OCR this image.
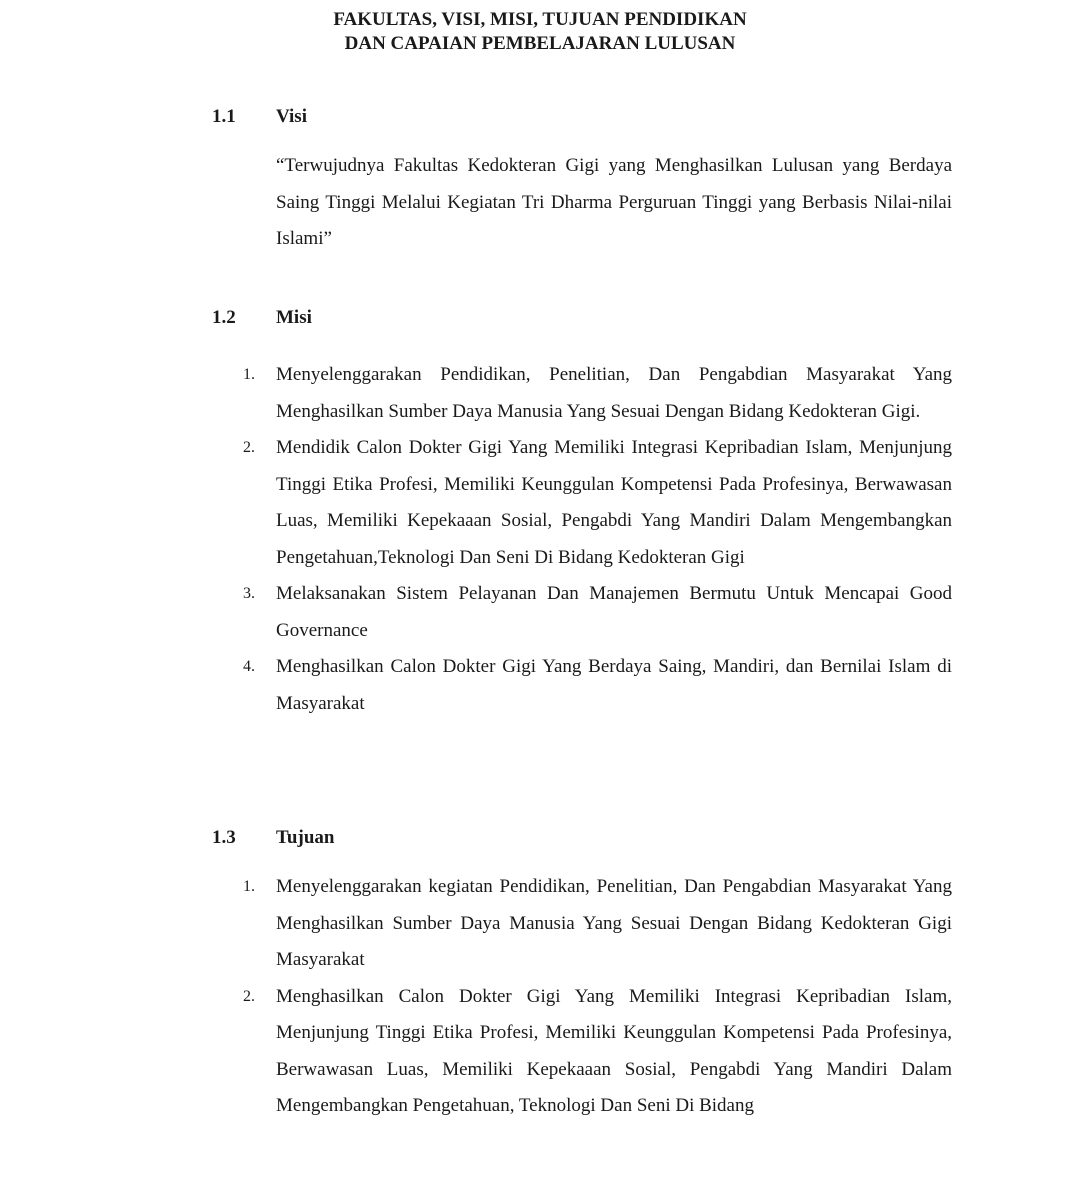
FAKULTAS, VISI, MISI, TUJUAN PENDIDIKAN
DAN CAPAIAN PEMBELAJARAN LULUSAN
1.1 Visi
“Terwujudnya Fakultas Kedokteran Gigi yang Menghasilkan Lulusan yang Berdaya Saing Tinggi Melalui Kegiatan Tri Dharma Perguruan Tinggi yang Berbasis Nilai-nilai Islami”
1.2 Misi
1. Menyelenggarakan Pendidikan, Penelitian, Dan Pengabdian Masyarakat Yang Menghasilkan Sumber Daya Manusia Yang Sesuai Dengan Bidang Kedokteran Gigi.
2. Mendidik Calon Dokter Gigi Yang Memiliki Integrasi Kepribadian Islam, Menjunjung Tinggi Etika Profesi, Memiliki Keunggulan Kompetensi Pada Profesinya, Berwawasan Luas, Memiliki Kepekaaan Sosial, Pengabdi Yang Mandiri Dalam Mengembangkan Pengetahuan,Teknologi Dan Seni Di Bidang Kedokteran Gigi
3. Melaksanakan Sistem Pelayanan Dan Manajemen Bermutu Untuk Mencapai Good Governance
4. Menghasilkan Calon Dokter Gigi Yang Berdaya Saing, Mandiri, dan Bernilai Islam di Masyarakat
1.3 Tujuan
1. Menyelenggarakan kegiatan Pendidikan, Penelitian, Dan Pengabdian Masyarakat Yang Menghasilkan Sumber Daya Manusia Yang Sesuai Dengan Bidang Kedokteran Gigi Masyarakat
2. Menghasilkan Calon Dokter Gigi Yang Memiliki Integrasi Kepribadian Islam, Menjunjung Tinggi Etika Profesi, Memiliki Keunggulan Kompetensi Pada Profesinya, Berwawasan Luas, Memiliki Kepekaaan Sosial, Pengabdi Yang Mandiri Dalam Mengembangkan Pengetahuan, Teknologi Dan Seni Di Bidang
